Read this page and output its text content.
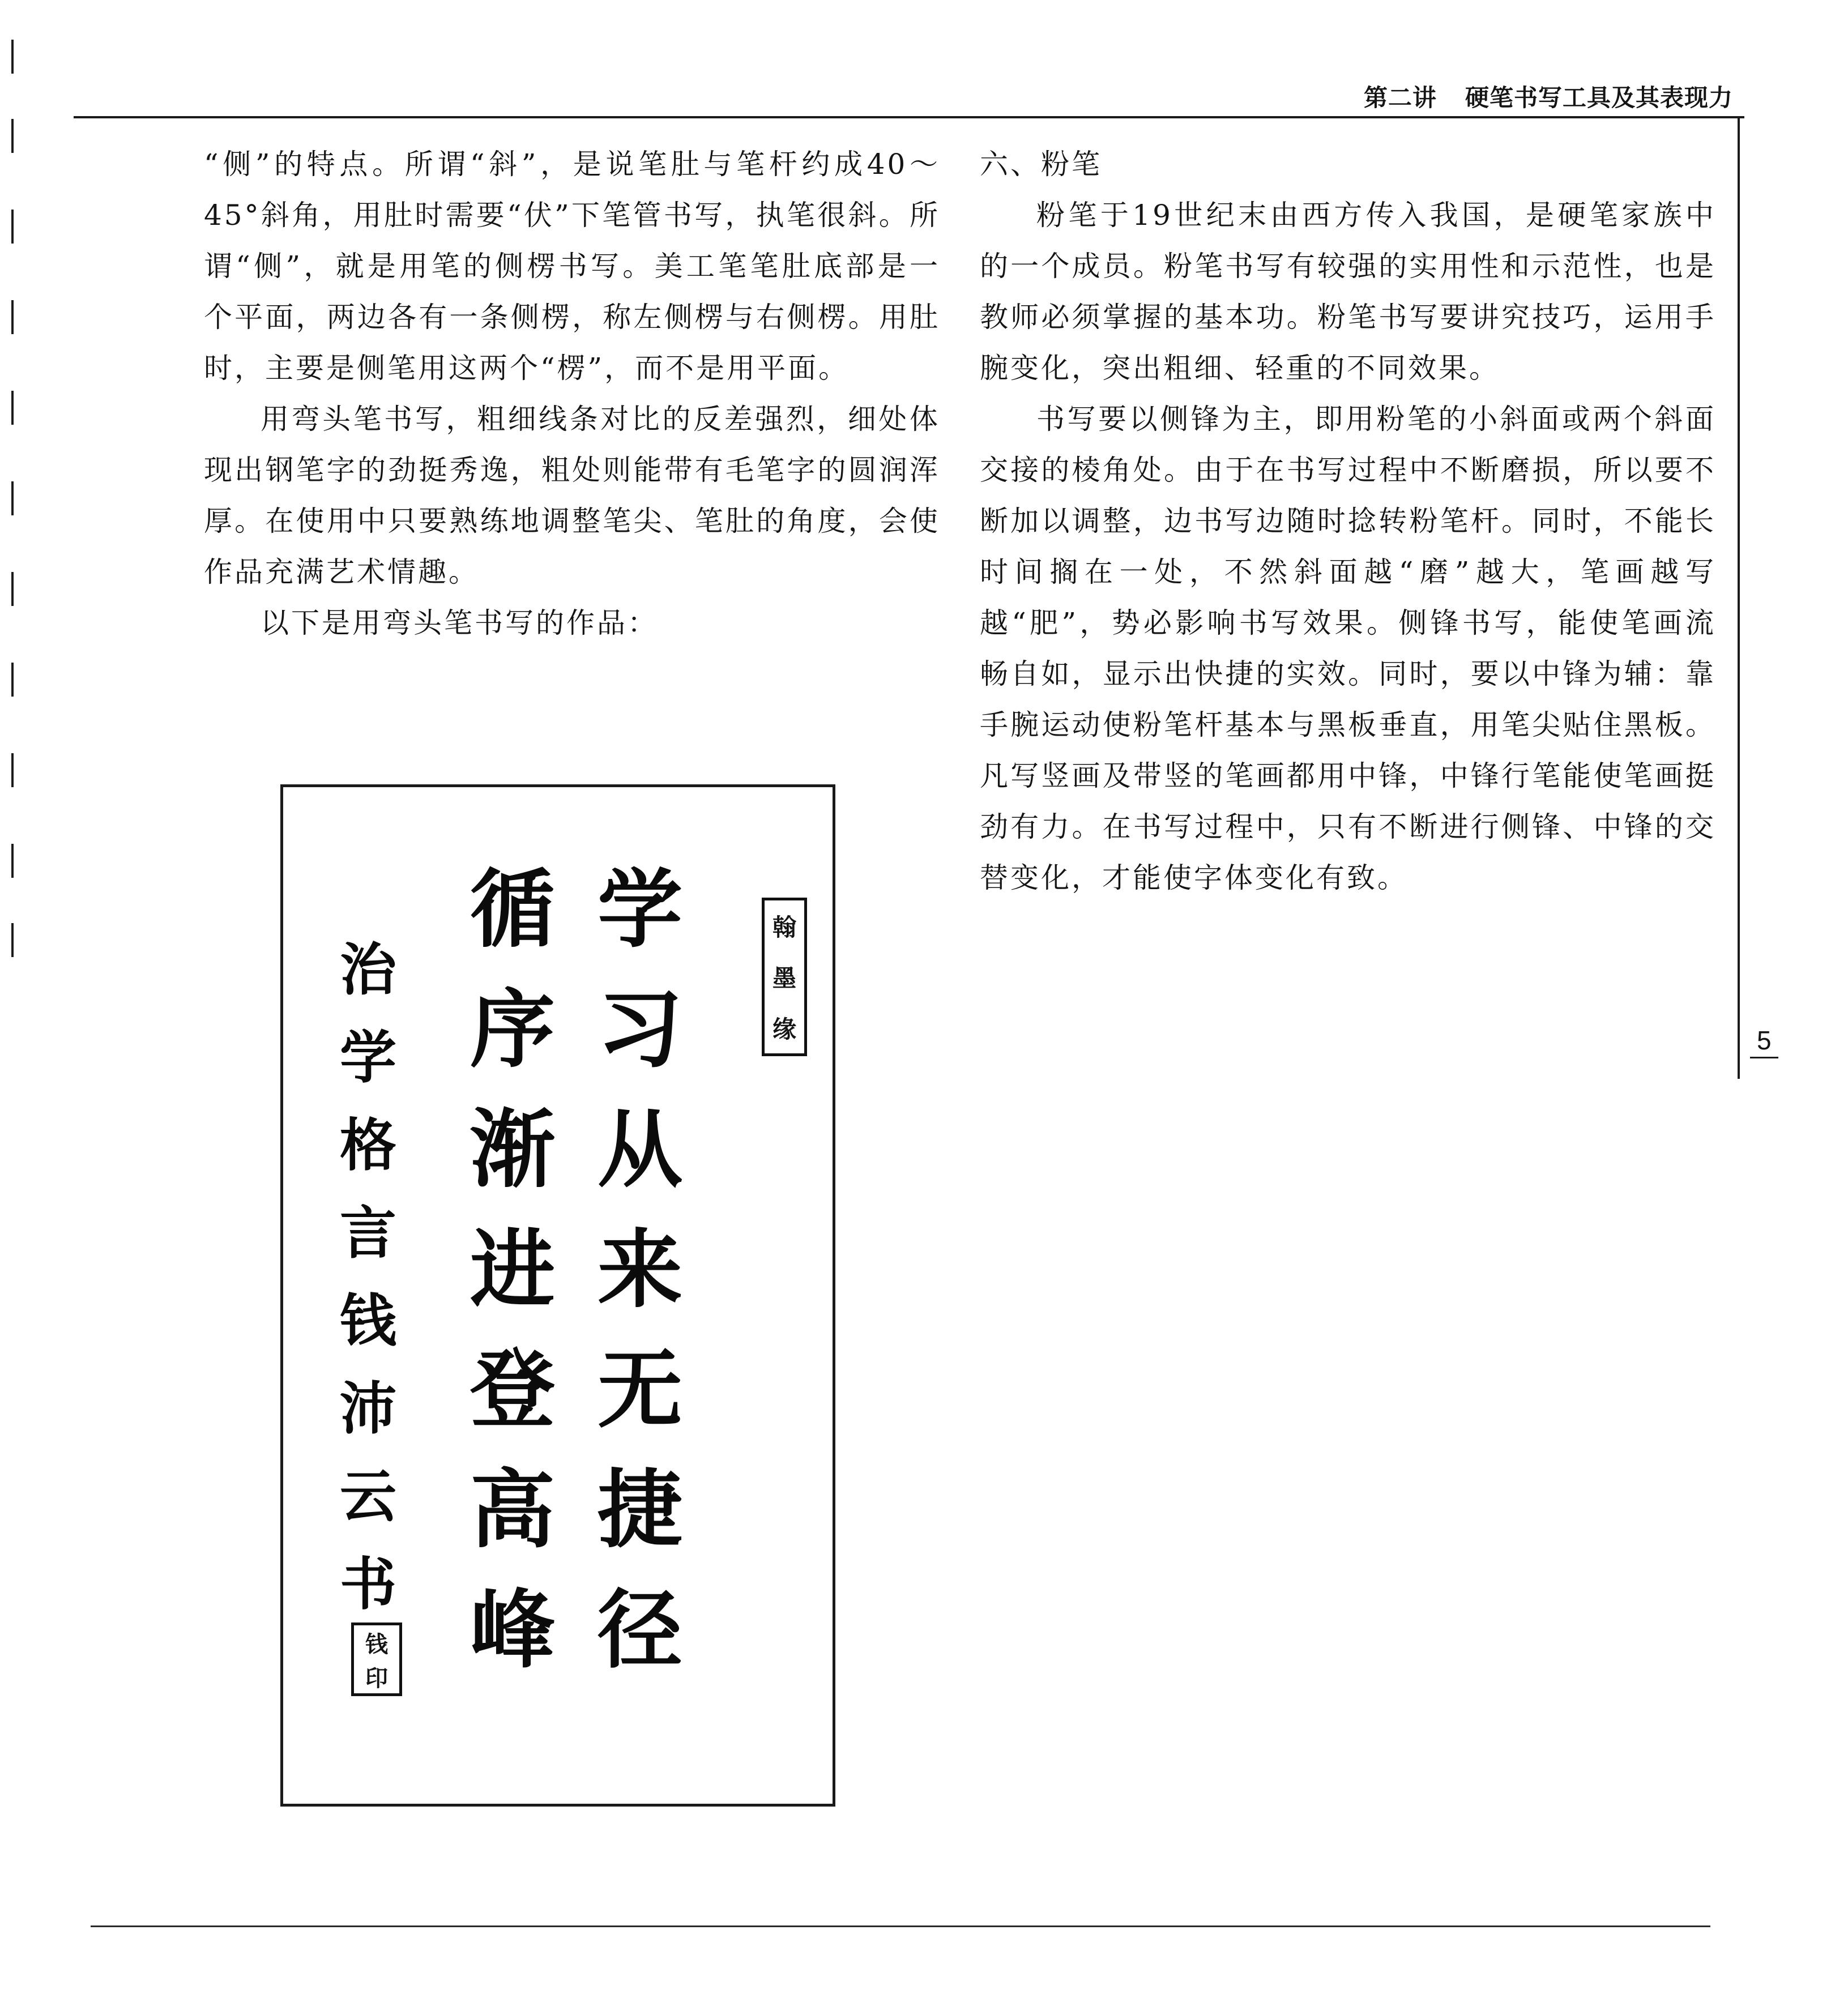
第二讲 硬笔书写工具及其表现力
5

“侧”的特点。所谓“斜”，是说笔肚与笔杆约成40～45°斜角，用肚时需要“伏”下笔管书写，执笔很斜。所谓“侧”，就是用笔的侧楞书写。美工笔笔肚底部是一个平面，两边各有一条侧楞，称左侧楞与右侧楞。用肚时，主要是侧笔用这两个“楞”，而不是用平面。

用弯头笔书写，粗细线条对比的反差强烈，细处体现出钢笔字的劲挺秀逸，粗处则能带有毛笔字的圆润浑厚。在使用中只要熟练地调整笔尖、笔肚的角度，会使作品充满艺术情趣。

以下是用弯头笔书写的作品：

学
习
从
来
无
捷
径
循
序
渐
进
登
高
峰
治
学
格
言
钱
沛
云
书
翰
墨
缘
钱
印

六、粉笔

粉笔于19世纪末由西方传入我国，是硬笔家族中的一个成员。粉笔书写有较强的实用性和示范性，也是教师必须掌握的基本功。粉笔书写要讲究技巧，运用手腕变化，突出粗细、轻重的不同效果。

书写要以侧锋为主，即用粉笔的小斜面或两个斜面交接的棱角处。由于在书写过程中不断磨损，所以要不断加以调整，边书写边随时捻转粉笔杆。同时，不能长时间搁在一处，不然斜面越“磨”越大，笔画越写越“肥”，势必影响书写效果。侧锋书写，能使笔画流畅自如，显示出快捷的实效。同时，要以中锋为辅：靠手腕运动使粉笔杆基本与黑板垂直，用笔尖贴住黑板。凡写竖画及带竖的笔画都用中锋，中锋行笔能使笔画挺劲有力。在书写过程中，只有不断进行侧锋、中锋的交替变化，才能使字体变化有致。
